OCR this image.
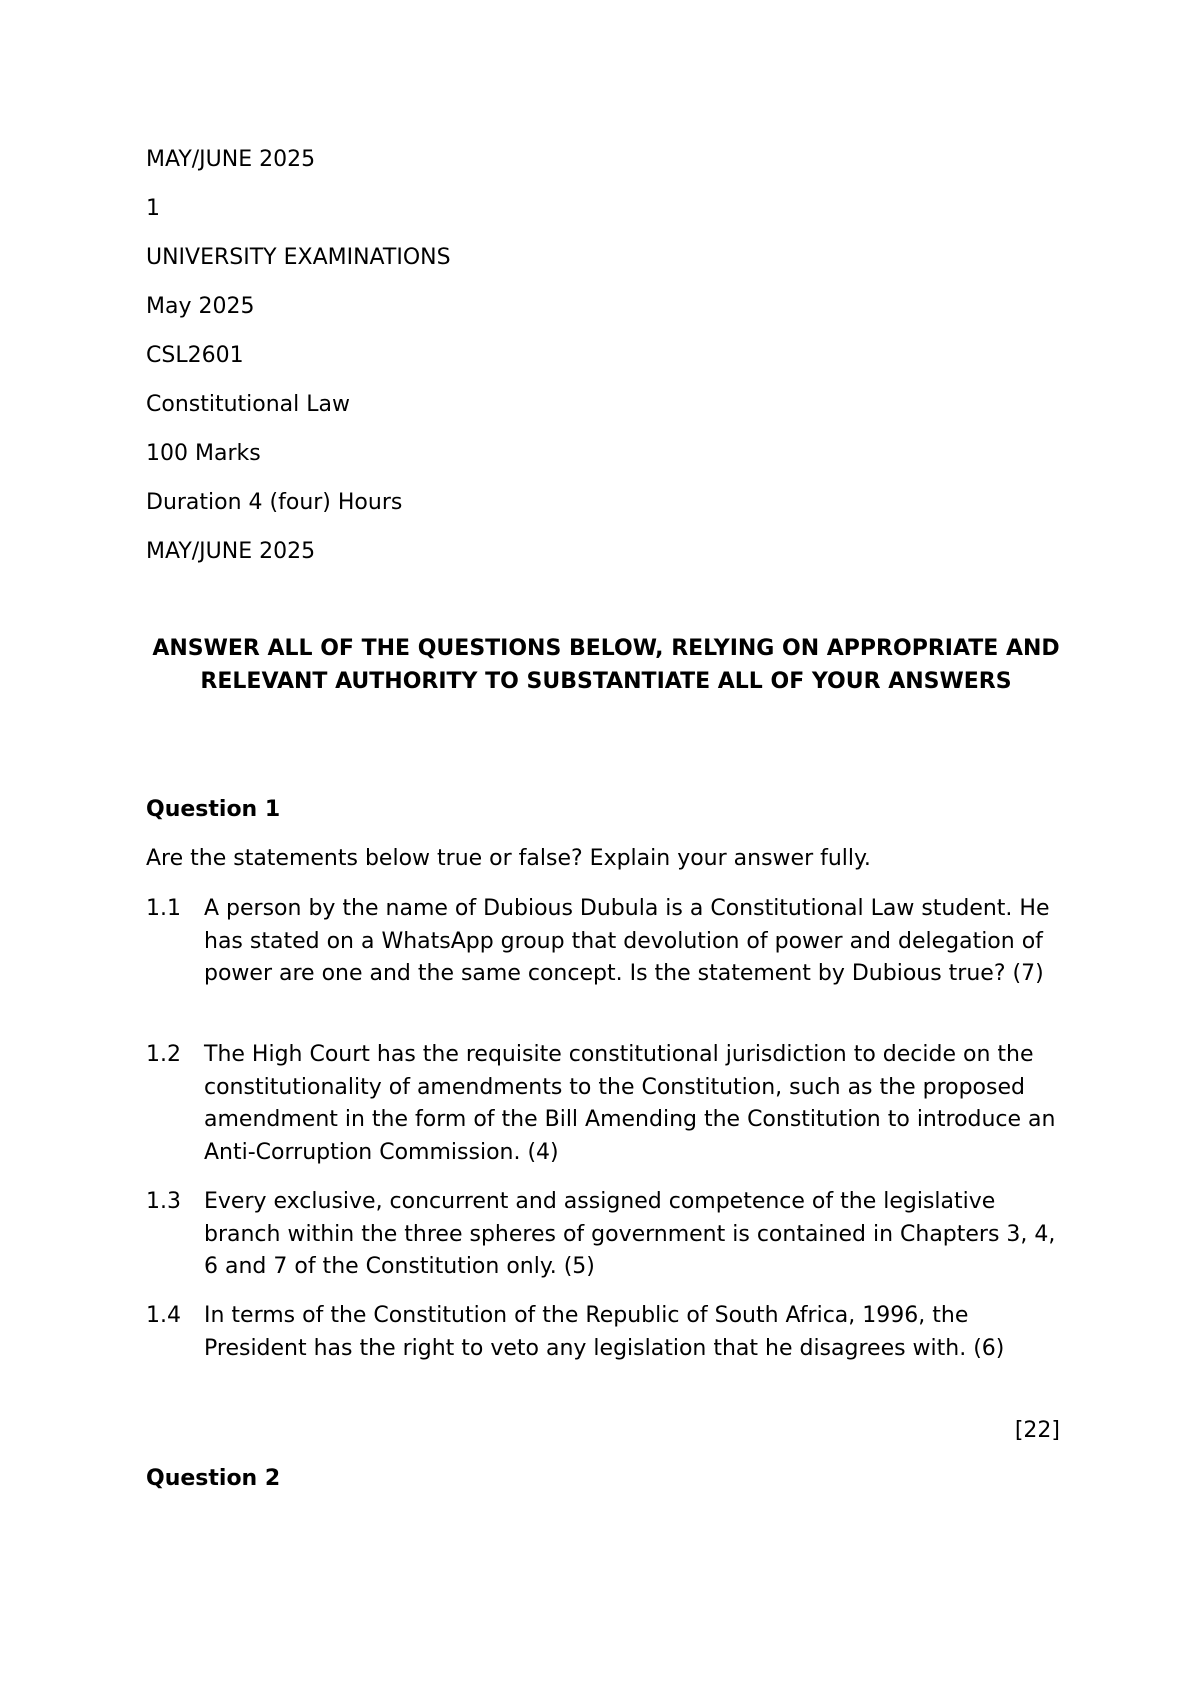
MAY/JUNE 2025
1
UNIVERSITY EXAMINATIONS
May 2025
CSL2601
Constitutional Law
100 Marks
Duration 4 (four) Hours
MAY/JUNE 2025
ANSWER ALL OF THE QUESTIONS BELOW, RELYING ON APPROPRIATE AND RELEVANT AUTHORITY TO SUBSTANTIATE ALL OF YOUR ANSWERS
Question 1
Are the statements below true or false? Explain your answer fully.
1.1	A person by the name of Dubious Dubula is a Constitutional Law student. He has stated on a WhatsApp group that devolution of power and delegation of power are one and the same concept. Is the statement by Dubious true? (7)
1.2	The High Court has the requisite constitutional jurisdiction to decide on the constitutionality of amendments to the Constitution, such as the proposed amendment in the form of the Bill Amending the Constitution to introduce an Anti-Corruption Commission. (4)
1.3	Every exclusive, concurrent and assigned competence of the legislative branch within the three spheres of government is contained in Chapters 3, 4, 6 and 7 of the Constitution only. (5)
1.4	In terms of the Constitution of the Republic of South Africa, 1996, the President has the right to veto any legislation that he disagrees with. (6)
[22]
Question 2
